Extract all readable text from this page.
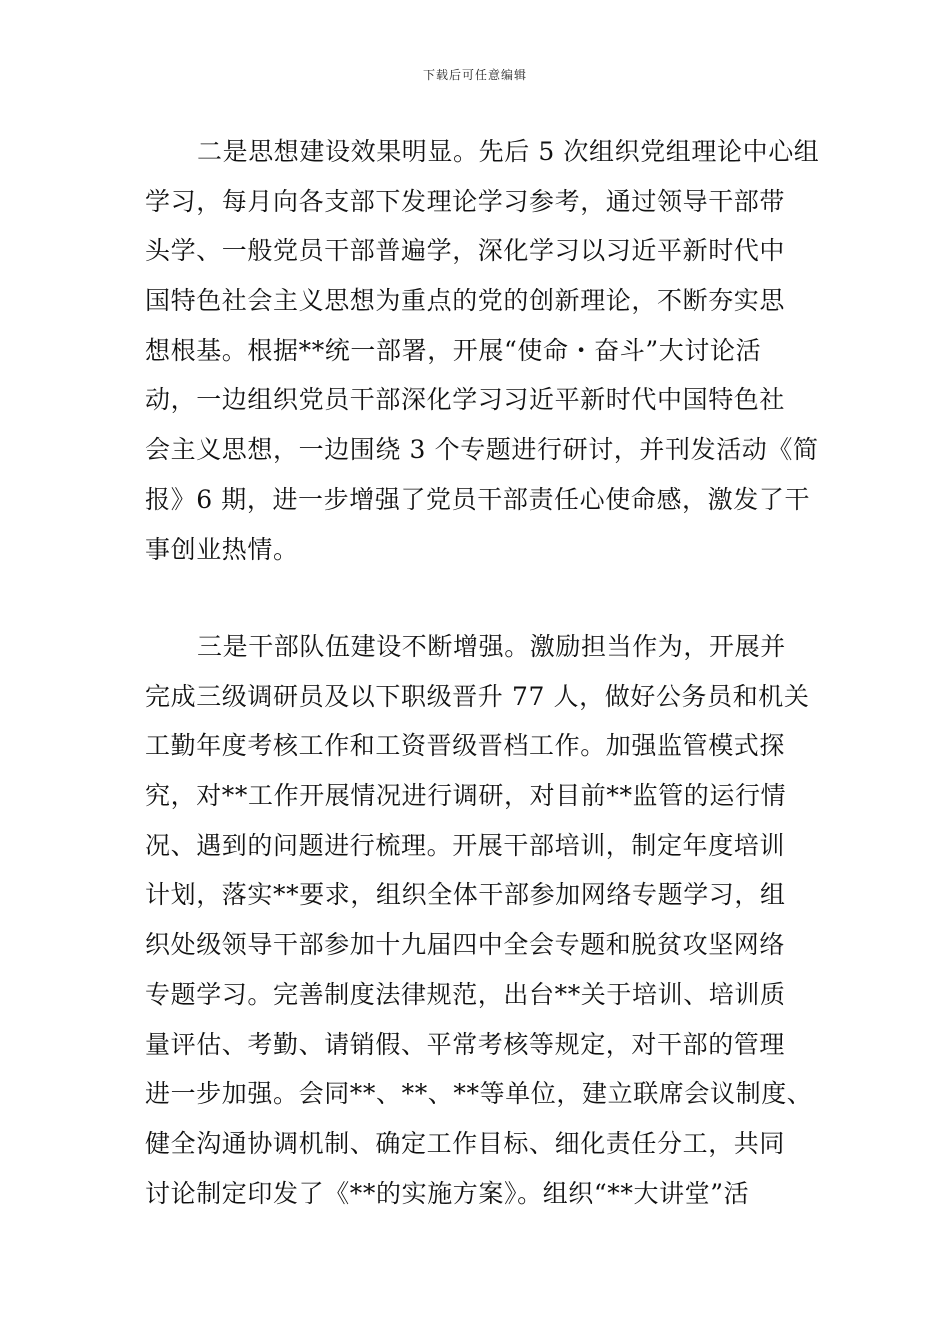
下载后可任意编辑
二是思想建设效果明显。先后 5 次组织党组理论中心组
学习，每月向各支部下发理论学习参考，通过领导干部带
头学、一般党员干部普遍学，深化学习以习近平新时代中
国特色社会主义思想为重点的党的创新理论，不断夯实思
想根基。根据**统一部署，开展“使命・奋斗”大讨论活
动，一边组织党员干部深化学习习近平新时代中国特色社
会主义思想，一边围绕 3 个专题进行研讨，并刊发活动《简
报》6 期，进一步增强了党员干部责任心使命感，激发了干
事创业热情。
三是干部队伍建设不断增强。激励担当作为，开展并
完成三级调研员及以下职级晋升 77 人，做好公务员和机关
工勤年度考核工作和工资晋级晋档工作。加强监管模式探
究，对**工作开展情况进行调研，对目前**监管的运行情
况、遇到的问题进行梳理。开展干部培训，制定年度培训
计划，落实**要求，组织全体干部参加网络专题学习，组
织处级领导干部参加十九届四中全会专题和脱贫攻坚网络
专题学习。完善制度法律规范，出台**关于培训、培训质
量评估、考勤、请销假、平常考核等规定，对干部的管理
进一步加强。会同**、**、**等单位，建立联席会议制度、
健全沟通协调机制、确定工作目标、细化责任分工，共同
讨论制定印发了《**的实施方案》。组织“**大讲堂”活
